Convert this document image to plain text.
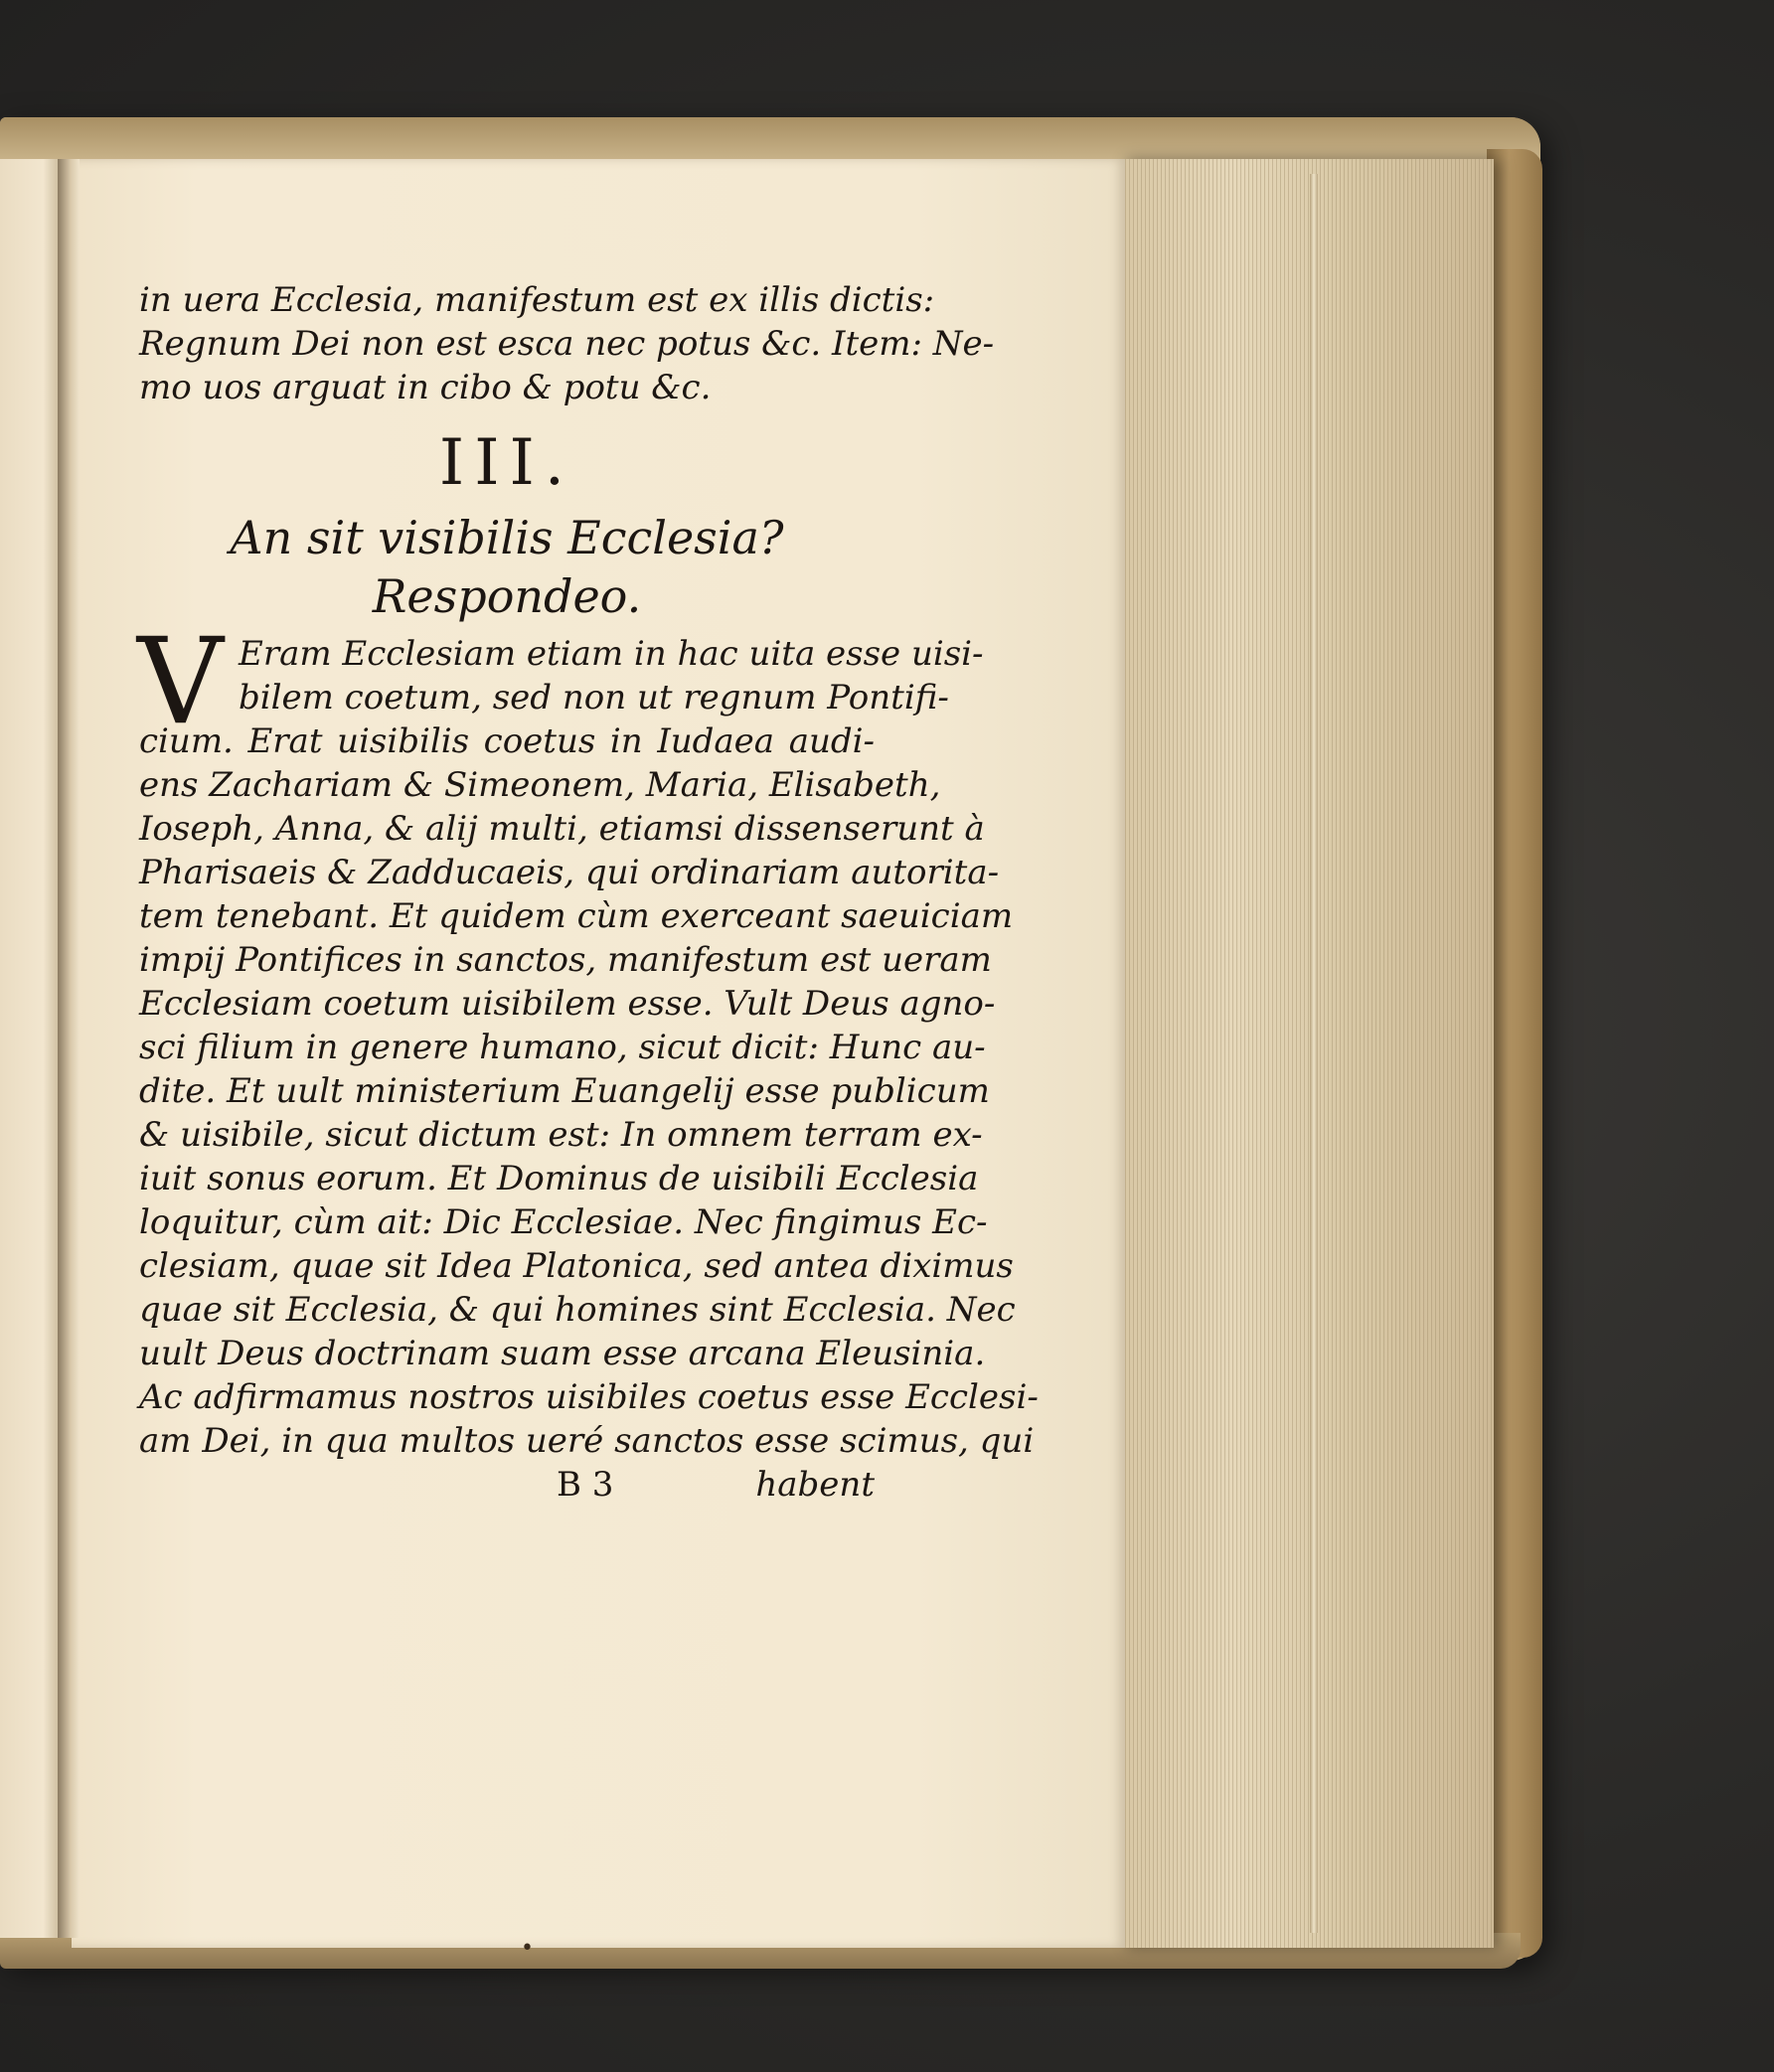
in uera Ecclesia, manifestum est ex illis dictis:
Regnum Dei non est esca nec potus &c. Item: Ne-
mo uos arguat in cibo & potu &c.
III.
An sit visibilis Ecclesia?
Respondeo.
V Eram Ecclesiam etiam in hac uita esse uisi-
bilem coetum, sed non ut regnum Pontifi-
cium. Erat uisibilis coetus in Iudaea audi-
ens Zachariam & Simeonem, Maria, Elisabeth,
Ioseph, Anna, & alij multi, etiamsi dissenserunt à
Pharisaeis & Zadducaeis, qui ordinariam autorita-
tem tenebant. Et quidem cùm exerceant saeuiciam
impij Pontifices in sanctos, manifestum est ueram
Ecclesiam coetum uisibilem esse. Vult Deus agno-
sci filium in genere humano, sicut dicit: Hunc au-
dite. Et uult ministerium Euangelij esse publicum
& uisibile, sicut dictum est: In omnem terram ex-
iuit sonus eorum. Et Dominus de uisibili Ecclesia
loquitur, cùm ait: Dic Ecclesiae. Nec fingimus Ec-
clesiam, quae sit Idea Platonica, sed antea diximus
quae sit Ecclesia, & qui homines sint Ecclesia. Nec
uult Deus doctrinam suam esse arcana Eleusinia.
Ac adfirmamus nostros uisibiles coetus esse Ecclesi-
am Dei, in qua multos ueré sanctos esse scimus, qui
B 3	habent
•
